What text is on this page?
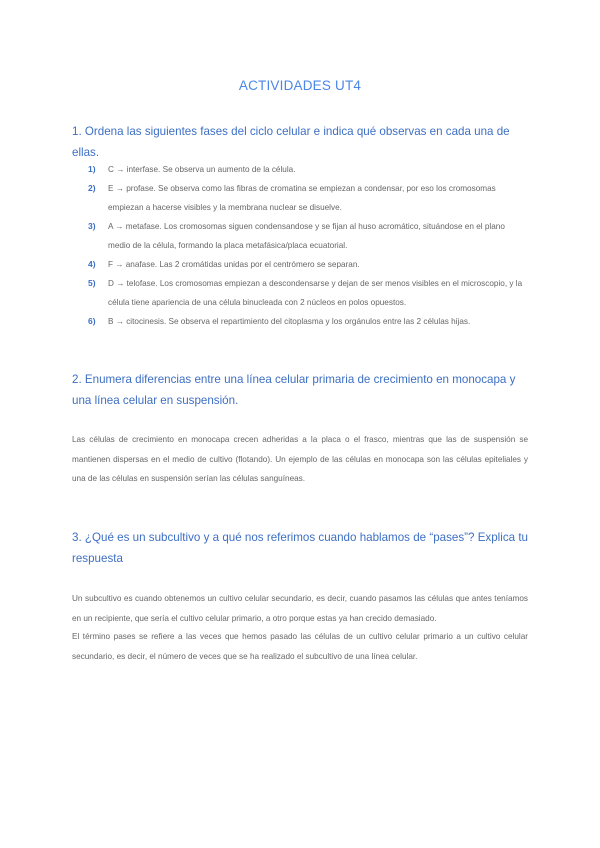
ACTIVIDADES UT4
1. Ordena las siguientes fases del ciclo celular e indica qué observas en cada una de ellas.
1) C → interfase. Se observa un aumento de la célula.
2) E → profase. Se observa como las fibras de cromatina se empiezan a condensar, por eso los cromosomas empiezan a hacerse visibles y la membrana nuclear se disuelve.
3) A → metafase. Los cromosomas siguen condensandose y se fijan al huso acromático, situándose en el plano medio de la célula, formando la placa metafásica/placa ecuatorial.
4) F → anafase. Las 2 cromátidas unidas por el centrómero se separan.
5) D → telofase. Los cromosomas empiezan a descondensarse y dejan de ser menos visibles en el microscopio, y la célula tiene apariencia de una célula binucleada con 2 núcleos en polos opuestos.
6) B → citocinesis. Se observa el repartimiento del citoplasma y los orgánulos entre las 2 células hijas.
2. Enumera diferencias entre una línea celular primaria de crecimiento en monocapa y una línea celular en suspensión.

Las células de crecimiento en monocapa crecen adheridas a la placa o el frasco, mientras que las de suspensión se mantienen dispersas en el medio de cultivo (flotando). Un ejemplo de las células en monocapa son las células epiteliales y una de las células en suspensión serían las células sanguíneas.

3. ¿Qué es un subcultivo y a qué nos referimos cuando hablamos de “pases”? Explica tu respuesta

Un subcultivo es cuando obtenemos un cultivo celular secundario, es decir, cuando pasamos las células que antes teníamos en un recipiente, que sería el cultivo celular primario, a otro porque estas ya han crecido demasiado.

El término pases se refiere a las veces que hemos pasado las células de un cultivo celular primario a un cultivo celular secundario, es decir, el número de veces que se ha realizado el subcultivo de una línea celular.
